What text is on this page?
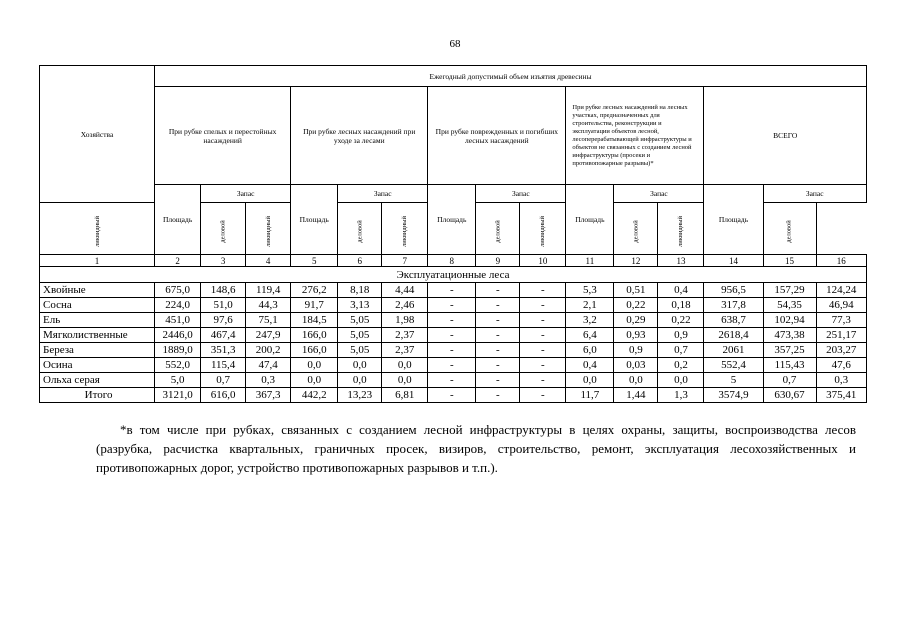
68
Хозяйства	Ежегодный допустимый объем изъятия древесины														
	При рубке спелых и перестойных насаждений			При рубке лесных насаждений при уходе за лесами			При рубке поврежденных и погибших лесных насаждений			При рубке лесных насаждений на лесных участках, предназначенных для строительства, реконструкции и эксплуатации объектов лесной, лесоперерабатывающей инфраструктуры и объектов не связанных с созданием лесной инфраструктуры (просеки и противопожарные разрывы)*			ВСЕГО		
	Площадь	Запас		Площадь	Запас		Площадь	Запас		Площадь	Запас		Площадь	Запас	
ликвидный		деловой	ликвидный		деловой	ликвидный		деловой	ликвидный		деловой	ликвидный		деловой	
1	2	3	4	5	6	7	8	9	10	11	12	13	14	15	16
Эксплуатационные леса															
Хвойные	675,0	148,6	119,4	276,2	8,18	4,44	-	-	-	5,3	0,51	0,4	956,5	157,29	124,24
Сосна	224,0	51,0	44,3	91,7	3,13	2,46	-	-	-	2,1	0,22	0,18	317,8	54,35	46,94
Ель	451,0	97,6	75,1	184,5	5,05	1,98	-	-	-	3,2	0,29	0,22	638,7	102,94	77,3
Мягколиственные	2446,0	467,4	247,9	166,0	5,05	2,37	-	-	-	6,4	0,93	0,9	2618,4	473,38	251,17
Береза	1889,0	351,3	200,2	166,0	5,05	2,37	-	-	-	6,0	0,9	0,7	2061	357,25	203,27
Осина	552,0	115,4	47,4	0,0	0,0	0,0	-	-	-	0,4	0,03	0,2	552,4	115,43	47,6
Ольха серая	5,0	0,7	0,3	0,0	0,0	0,0	-	-	-	0,0	0,0	0,0	5	0,7	0,3
Итого	3121,0	616,0	367,3	442,2	13,23	6,81	-	-	-	11,7	1,44	1,3	3574,9	630,67	375,41

*в том числе при рубках, связанных с созданием лесной инфраструктуры в целях охраны, защиты, воспроизводства лесов (разрубка, расчистка квартальных, граничных просек, визиров, строительство, ремонт, эксплуатация лесохозяйственных и противопожарных дорог, устройство противопожарных разрывов и т.п.).
